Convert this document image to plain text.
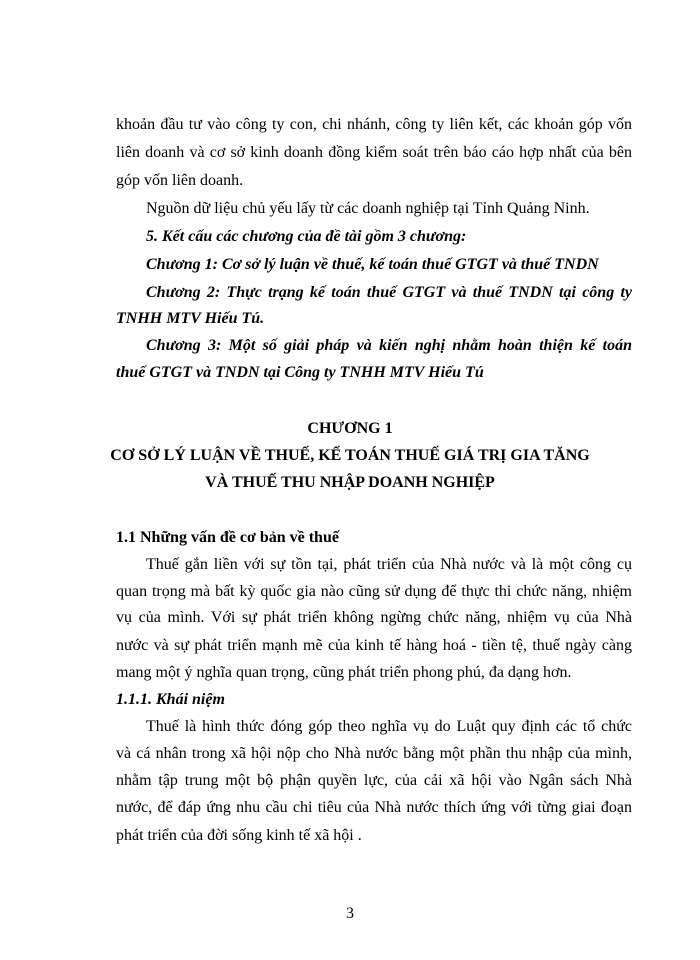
khoản đầu tư vào công ty con, chi nhánh, công ty liên kết, các khoản góp vốn
liên doanh và cơ sở kinh doanh đồng kiểm soát trên báo cáo hợp nhất của bên
góp vốn liên doanh.
Nguồn dữ liệu chủ yếu lấy từ các doanh nghiệp tại Tỉnh Quảng Ninh.
5. Kết cấu các chương của đề tài gồm 3 chương:
Chương 1: Cơ sở lý luận về thuế, kế toán thuế GTGT và thuế TNDN
Chương 2: Thực trạng kế toán thuế GTGT và thuế TNDN tại công ty
TNHH MTV Hiếu Tú.
Chương 3: Một số giải pháp và kiến nghị nhằm hoàn thiện kế toán
thuế GTGT và TNDN tại Công ty TNHH MTV Hiếu Tú
CHƯƠNG 1
CƠ SỞ LÝ LUẬN VỀ THUẾ, KẾ TOÁN THUẾ GIÁ TRỊ GIA TĂNG
VÀ THUẾ THU NHẬP DOANH NGHIỆP
1.1 Những vấn đề cơ bản về thuế
Thuế gắn liền với sự tồn tại, phát triển của Nhà nước và là một công cụ
quan trọng mà bất kỳ quốc gia nào cũng sử dụng để thực thi chức năng, nhiệm
vụ của mình. Với sự phát triển không ngừng chức năng, nhiệm vụ của Nhà
nước và sự phát triển mạnh mẽ của kinh tế hàng hoá - tiền tệ, thuế ngày càng
mang một ý nghĩa quan trọng, cũng phát triển phong phú, đa dạng hơn.
1.1.1. Khái niệm
Thuế là hình thức đóng góp theo nghĩa vụ do Luật quy định các tổ chức
và cá nhân trong xã hội nộp cho Nhà nước bằng một phần thu nhập của mình,
nhằm tập trung một bộ phận quyền lực, của cải xã hội vào Ngân sách Nhà
nước, để đáp ứng nhu cầu chi tiêu của Nhà nước thích ứng với từng giai đoạn
phát triển của đời sống kinh tế xã hội .
3
